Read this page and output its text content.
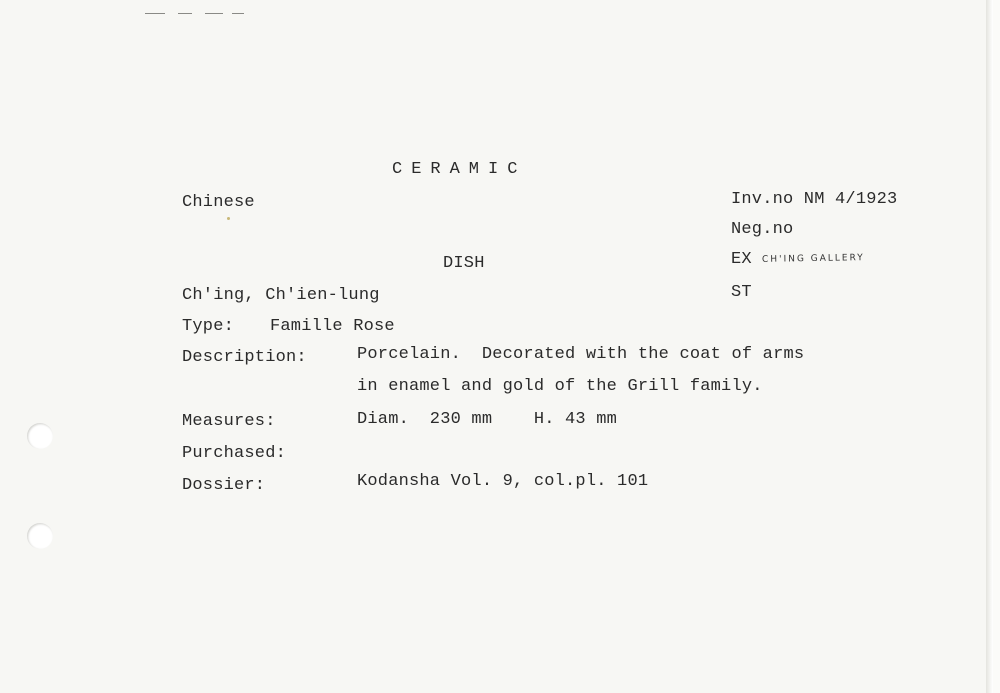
CERAMIC
Chinese	Inv.no NM 4/1923
Neg.no
DISH	EX CH'ING GALLERY
Ch'ing, Ch'ien-lung	ST
Type: Famille Rose
Description:	Porcelain.  Decorated with the coat of arms
in enamel and gold of the Grill family.
Measures:	Diam.  230 mm    H. 43 mm
Purchased:
Dossier:	Kodansha Vol. 9, col.pl. 101
